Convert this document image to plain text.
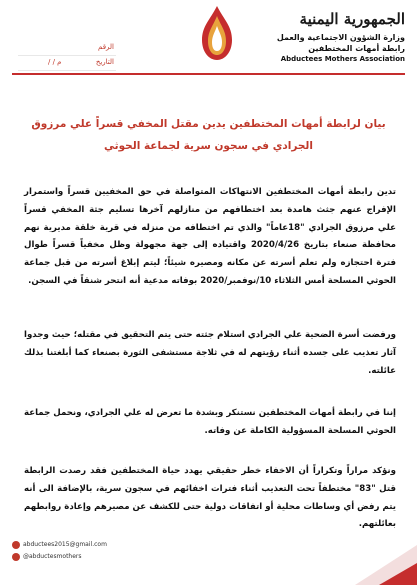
الجمهورية اليمنية
وزارة الشؤون الاجتماعية والعمل
رابطة أمهات المختطفين
Abductees Mothers Association
الرقم
التاريخ
/ / م
بيان لرابطة أمهات المختطفين يدين مقتل المخفي قسراً علي مرزوق الجرادي في سجون سرية لجماعة الحوثي
تدين رابطة أمهات المختطفين الانتهاكات المتواصلة في حق المخفيين قسراً واستمرار الإفراج عنهم جثث هامدة بعد اختطافهم من منازلهم آخرها تسليم جثة المخفي قسراً علي مرزوق الجرادي "18عاماً" والذي تم اختطافه من منزله في قرية خلقة مديرية نهم محافظة صنعاء بتاريخ 2020/4/26 واقتياده إلى جهة مجهولة وظل مخفياً قسراً طوال فترة احتجازه ولم تعلم أسرته عن مكانه ومصيره شيئاً؛ ليتم إبلاغ أسرته من قبل جماعة الحوثي المسلحة أمس الثلاثاء 10/نوفمبر/2020 بوفاته مدعية أنه انتحر شنقاً في السجن.
ورفضت أسرة الضحية علي الجرادي استلام جثته حتى يتم التحقيق في مقتله؛ حيث وجدوا آثار تعذيب على جسده أثناء رؤيتهم له في ثلاجة مستشفى الثورة بصنعاء كما أبلغتنا بذلك عائلته.
إننا في رابطة أمهات المختطفين نستنكر وبشدة ما تعرض له علي الجرادي، ونحمل جماعة الحوثي المسلحة المسؤولية الكاملة عن وفاته.
ونؤكد مراراً وتكراراً أن الاخفاء خطر حقيقي يهدد حياة المختطفين فقد رصدت الرابطة قتل "83" مختطفاً تحت التعذيب أثناء فترات اخفائهم في سجون سرية، بالإضافة الى أنه يتم رفض أي وساطات محلية أو اتفاقات دولية حتى للكشف عن مصيرهم وإعادة روابطهم بعائلتهم.
abductees2015@gmail.com
@abductesmothers
